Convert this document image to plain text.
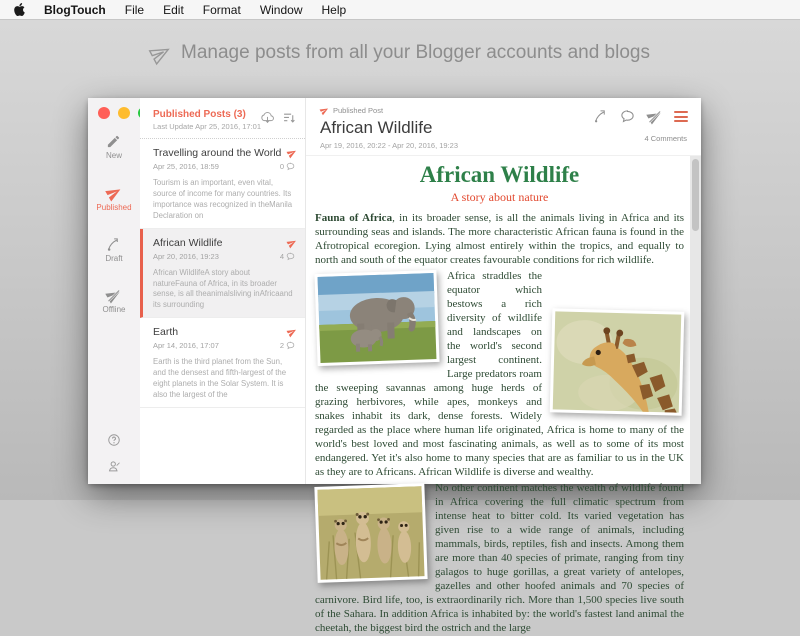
BlogTouch File Edit Format Window Help
Manage posts from all your Blogger accounts and blogs
New
Published
Draft
Offline
Published Posts (3)
Last Update Apr 25, 2016, 17:01
Travelling around the World
Apr 25, 2016, 18:59	0
Tourism is an important, even vital, source of income for many countries. Its importance was recognized in theManila Declaration on
African Wildlife
Apr 20, 2016, 19:23	4
African WildlifeA story about natureFauna of Africa, in its broader sense, is all theanimalsliving inAfricaand its surrounding
Earth
Apr 14, 2016, 17:07	2
Earth is the third planet from the Sun, and the densest and fifth-largest of the eight planets in the Solar System. It is also the largest of the
Published Post
African Wildlife
Apr 19, 2016, 20:22 - Apr 20, 2016, 19:23
4 Comments
African Wildlife
A story about nature

Fauna of Africa, in its broader sense, is all the animals living in Africa and its surrounding seas and islands. The more characteristic African fauna is found in the Afrotropical ecoregion. Lying almost entirely within the tropics, and equally to north and south of the equator creates favourable conditions for rich wildlife.

Africa straddles the equator which bestows a rich diversity of wildlife and landscapes on the world's second largest continent. Large predators roam the sweeping savannas among huge herds of grazing herbivores, while apes, monkeys and snakes inhabit its dark, dense forests. Widely regarded as the place where human life originated, Africa is home to many of the world's best loved and most fascinating animals, as well as to some of its most endangered. Yet it's also home to many species that are as familiar to us in the UK as they are to Africans. African Wildlife is diverse and wealthy.

No other continent matches the wealth of wildlife found in Africa covering the full climatic spectrum from intense heat to bitter cold. Its varied vegetation has given rise to a wide range of animals, including mammals, birds, reptiles, fish and insects. Among them are more than 40 species of primate, ranging from tiny galagos to huge gorillas, a great variety of antelopes, gazelles and other hoofed animals and 70 species of carnivore. Bird life, too, is extraordinarily rich. More than 1,500 species live south of the Sahara. In addition Africa is inhabited by: the world's fastest land animal the cheetah, the biggest bird the ostrich and the large
